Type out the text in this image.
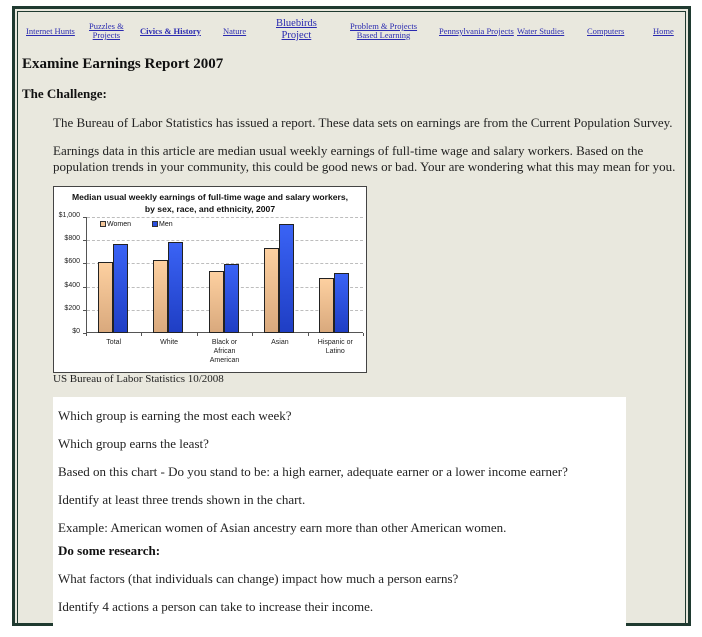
Internet Hunts Puzzles &
Projects	Civics & History	Nature
Bluebirds
Project
Problem & Projects
Based Learning	Pennsylvania Projects Water Studies	Computers	Home
Examine Earnings Report 2007
The Challenge:
The Bureau of Labor Statistics has issued a report. These data sets on earnings are from the Current Population Survey.
Earnings data in this article are median usual weekly earnings of full-time wage and salary workers. Based on the
population trends in your community, this could be good news or bad. Your are wondering what this may mean for you.
Median usual weekly earnings of full-time wage and salary workers,
by sex, race, and ethnicity, 2007
Women	Men
$0
$200
$400
$600
$800
$1,000
Total	White	Black or
African
American
Asian	Hispanic or
Latino
US Bureau of Labor Statistics 10/2008
Which group is earning the most each week?
Which group earns the least?
Based on this chart - Do you stand to be: a high earner, adequate earner or a lower income earner?
Identify at least three trends shown in the chart.
Example: American women of Asian ancestry earn more than other American women.
Do some research:
What factors (that individuals can change) impact how much a person earns?
Identify 4 actions a person can take to increase their income.
